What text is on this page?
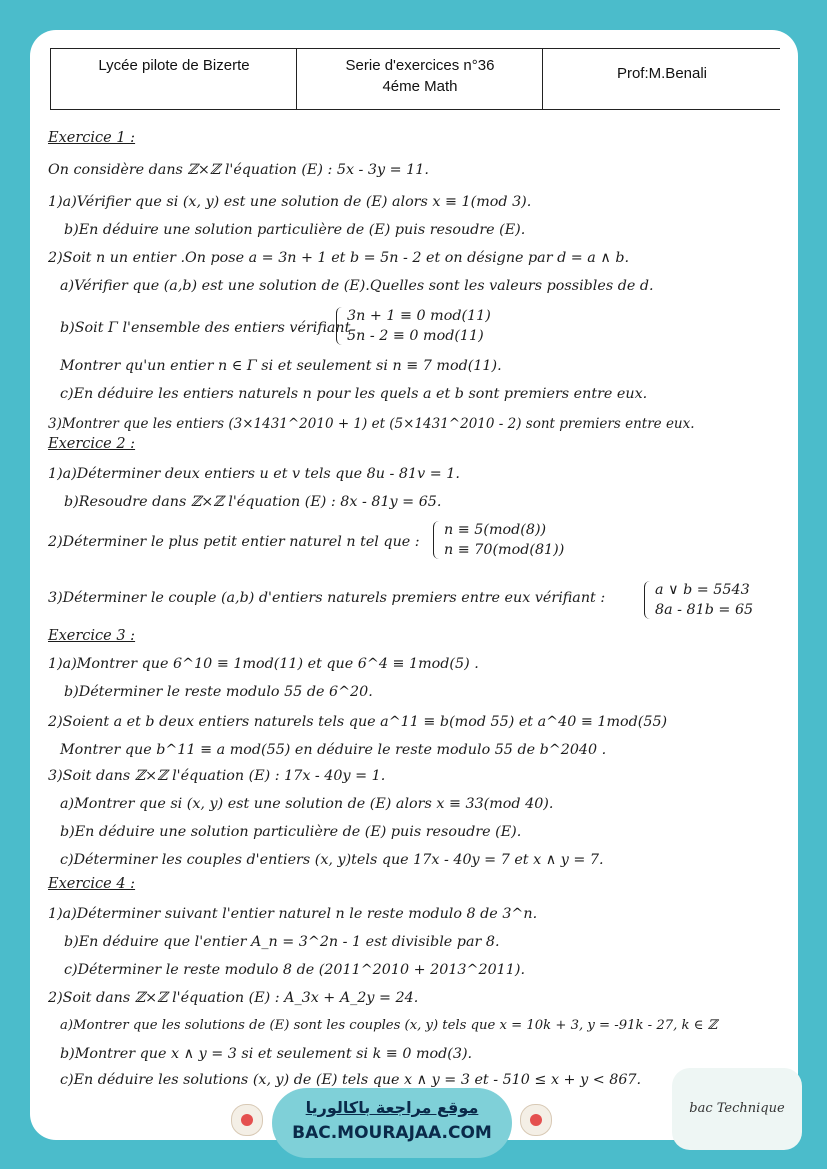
Lycée pilote de Bizerte	Serie d'exercices n°36
4éme Math
Prof:M.Benali
Exercice 1 :
On considère dans ℤ×ℤ l'équation (E) : 5x - 3y = 11.
1)a)Vérifier que si (x, y) est une solution de (E) alors x ≡ 1(mod 3).
b)En déduire une solution particulière de (E) puis resoudre (E).
2)Soit n un entier .On pose a = 3n + 1 et b = 5n - 2 et on désigne par d = a ∧ b.
a)Vérifier que (a,b) est une solution de (E).Quelles sont les valeurs possibles de d.
b)Soit Γ l'ensemble des entiers vérifiant
3n + 1 ≡ 0 mod(11)
5n - 2 ≡ 0 mod(11)
Montrer qu'un entier n ∈ Γ si et seulement si n ≡ 7 mod(11).
c)En déduire les entiers naturels n pour les quels a et b sont premiers entre eux.
3)Montrer que les entiers (3×1431^2010 + 1) et (5×1431^2010 - 2) sont premiers entre eux.
Exercice 2 :
1)a)Déterminer deux entiers u et v tels que 8u - 81v = 1.
b)Resoudre dans ℤ×ℤ l'équation (E) : 8x - 81y = 65.
2)Déterminer le plus petit entier naturel n tel que :
n ≡ 5(mod(8))
n ≡ 70(mod(81))
3)Déterminer le couple (a,b) d'entiers naturels premiers entre eux vérifiant :	a ∨ b = 5543
8a - 81b = 65
Exercice 3 :
1)a)Montrer que 6^10 ≡ 1mod(11) et que 6^4 ≡ 1mod(5) .
b)Déterminer le reste modulo 55 de 6^20.
2)Soient a et b deux entiers naturels tels que a^11 ≡ b(mod 55) et a^40 ≡ 1mod(55)
Montrer que b^11 ≡ a mod(55) en déduire le reste modulo 55 de b^2040 .
3)Soit dans ℤ×ℤ l'équation (E) : 17x - 40y = 1.
a)Montrer que si (x, y) est une solution de (E) alors x ≡ 33(mod 40).
b)En déduire une solution particulière de (E) puis resoudre (E).
c)Déterminer les couples d'entiers (x, y)tels que 17x - 40y = 7 et x ∧ y = 7.
Exercice 4 :
1)a)Déterminer suivant l'entier naturel n le reste modulo 8 de 3^n.
b)En déduire que l'entier A_n = 3^2n - 1 est divisible par 8.
c)Déterminer le reste modulo 8 de (2011^2010 + 2013^2011).
2)Soit dans ℤ×ℤ l'équation (E) : A_3x + A_2y = 24.
a)Montrer que les solutions de (E) sont les couples (x, y) tels que x = 10k + 3, y = -91k - 27, k ∈ ℤ
b)Montrer que x ∧ y = 3 si et seulement si k ≡ 0 mod(3).
c)En déduire les solutions (x, y) de (E) tels que x ∧ y = 3 et - 510 ≤ x + y < 867.
موقع مراجعة باكالوريا
BAC.MOURAJAA.COM
bac Technique
